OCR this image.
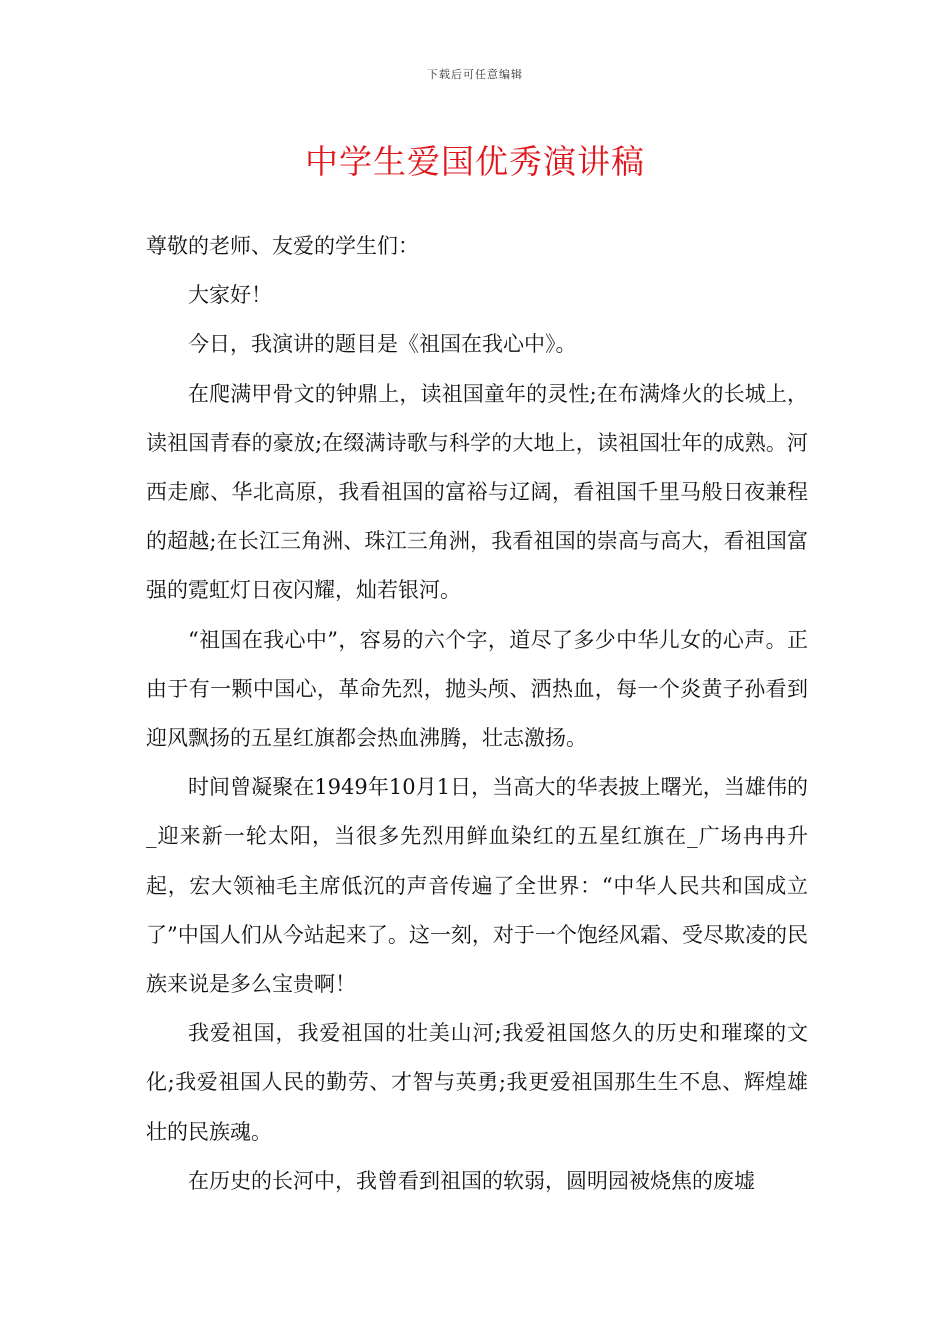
下载后可任意编辑
中学生爱国优秀演讲稿

尊敬的老师、友爱的学生们：

大家好！

今日，我演讲的题目是《祖国在我心中》。

在爬满甲骨文的钟鼎上，读祖国童年的灵性;在布满烽火的长城上，读祖国青春的豪放;在缀满诗歌与科学的大地上，读祖国壮年的成熟。河西走廊、华北高原，我看祖国的富裕与辽阔，看祖国千里马般日夜兼程的超越;在长江三角洲、珠江三角洲，我看祖国的崇高与高大，看祖国富强的霓虹灯日夜闪耀，灿若银河。

“祖国在我心中”，容易的六个字，道尽了多少中华儿女的心声。正由于有一颗中国心，革命先烈，抛头颅、洒热血，每一个炎黄子孙看到迎风飘扬的五星红旗都会热血沸腾，壮志激扬。

时间曾凝聚在1949年10月1日，当高大的华表披上曙光，当雄伟的_迎来新一轮太阳，当很多先烈用鲜血染红的五星红旗在_广场冉冉升起，宏大领袖毛主席低沉的声音传遍了全世界：“中华人民共和国成立了”中国人们从今站起来了。这一刻，对于一个饱经风霜、受尽欺凌的民族来说是多么宝贵啊！

我爱祖国，我爱祖国的壮美山河;我爱祖国悠久的历史和璀璨的文化;我爱祖国人民的勤劳、才智与英勇;我更爱祖国那生生不息、辉煌雄壮的民族魂。

在历史的长河中，我曾看到祖国的软弱，圆明园被烧焦的废墟
